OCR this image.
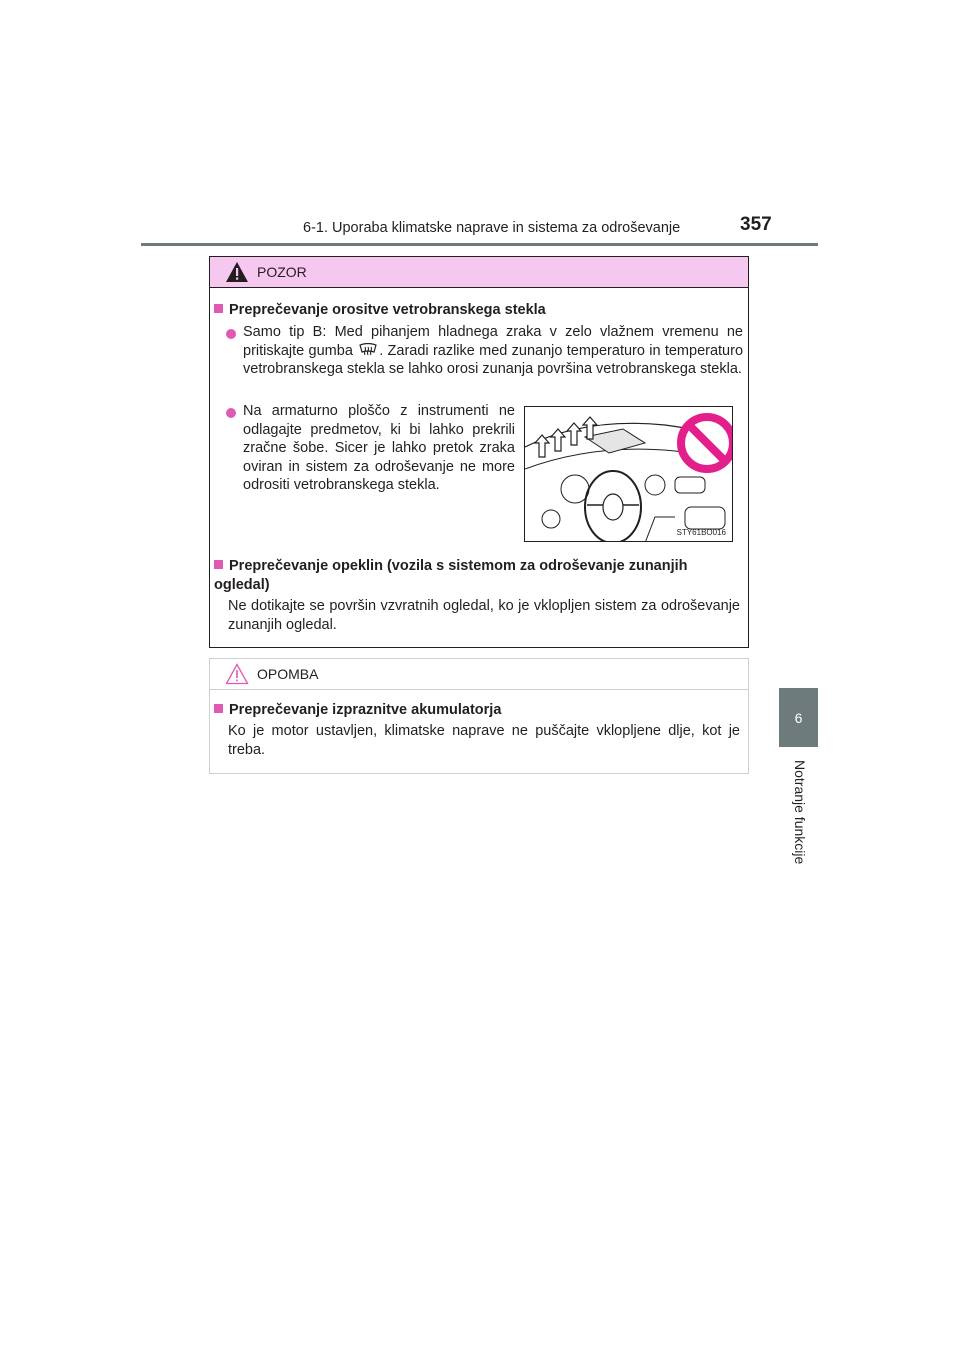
6-1. Uporaba klimatske naprave in sistema za odroševanje	357
6
Notranje funkcije
POZOR
Preprečevanje orositve vetrobranskega stekla
Samo tip B: Med pihanjem hladnega zraka v zelo vlažnem vremenu ne pritiskajte gumba . Zaradi razlike med zunanjo temperaturo in temperaturo vetrobranskega stekla se lahko orosi zunanja površina vetrobranskega stekla.
Na armaturno ploščo z instrumenti ne odlagajte predmetov, ki bi lahko prekrili zračne šobe. Sicer je lahko pretok zraka oviran in sistem za odroševanje ne more odrositi vetrobranskega stekla.
STY61BO016
Preprečevanje opeklin (vozila s sistemom za odroševanje zunanjih ogledal)
Ne dotikajte se površin vzvratnih ogledal, ko je vklopljen sistem za odroševanje zunanjih ogledal.
OPOMBA
Preprečevanje izpraznitve akumulatorja
Ko je motor ustavljen, klimatske naprave ne puščajte vklopljene dlje, kot je treba.
